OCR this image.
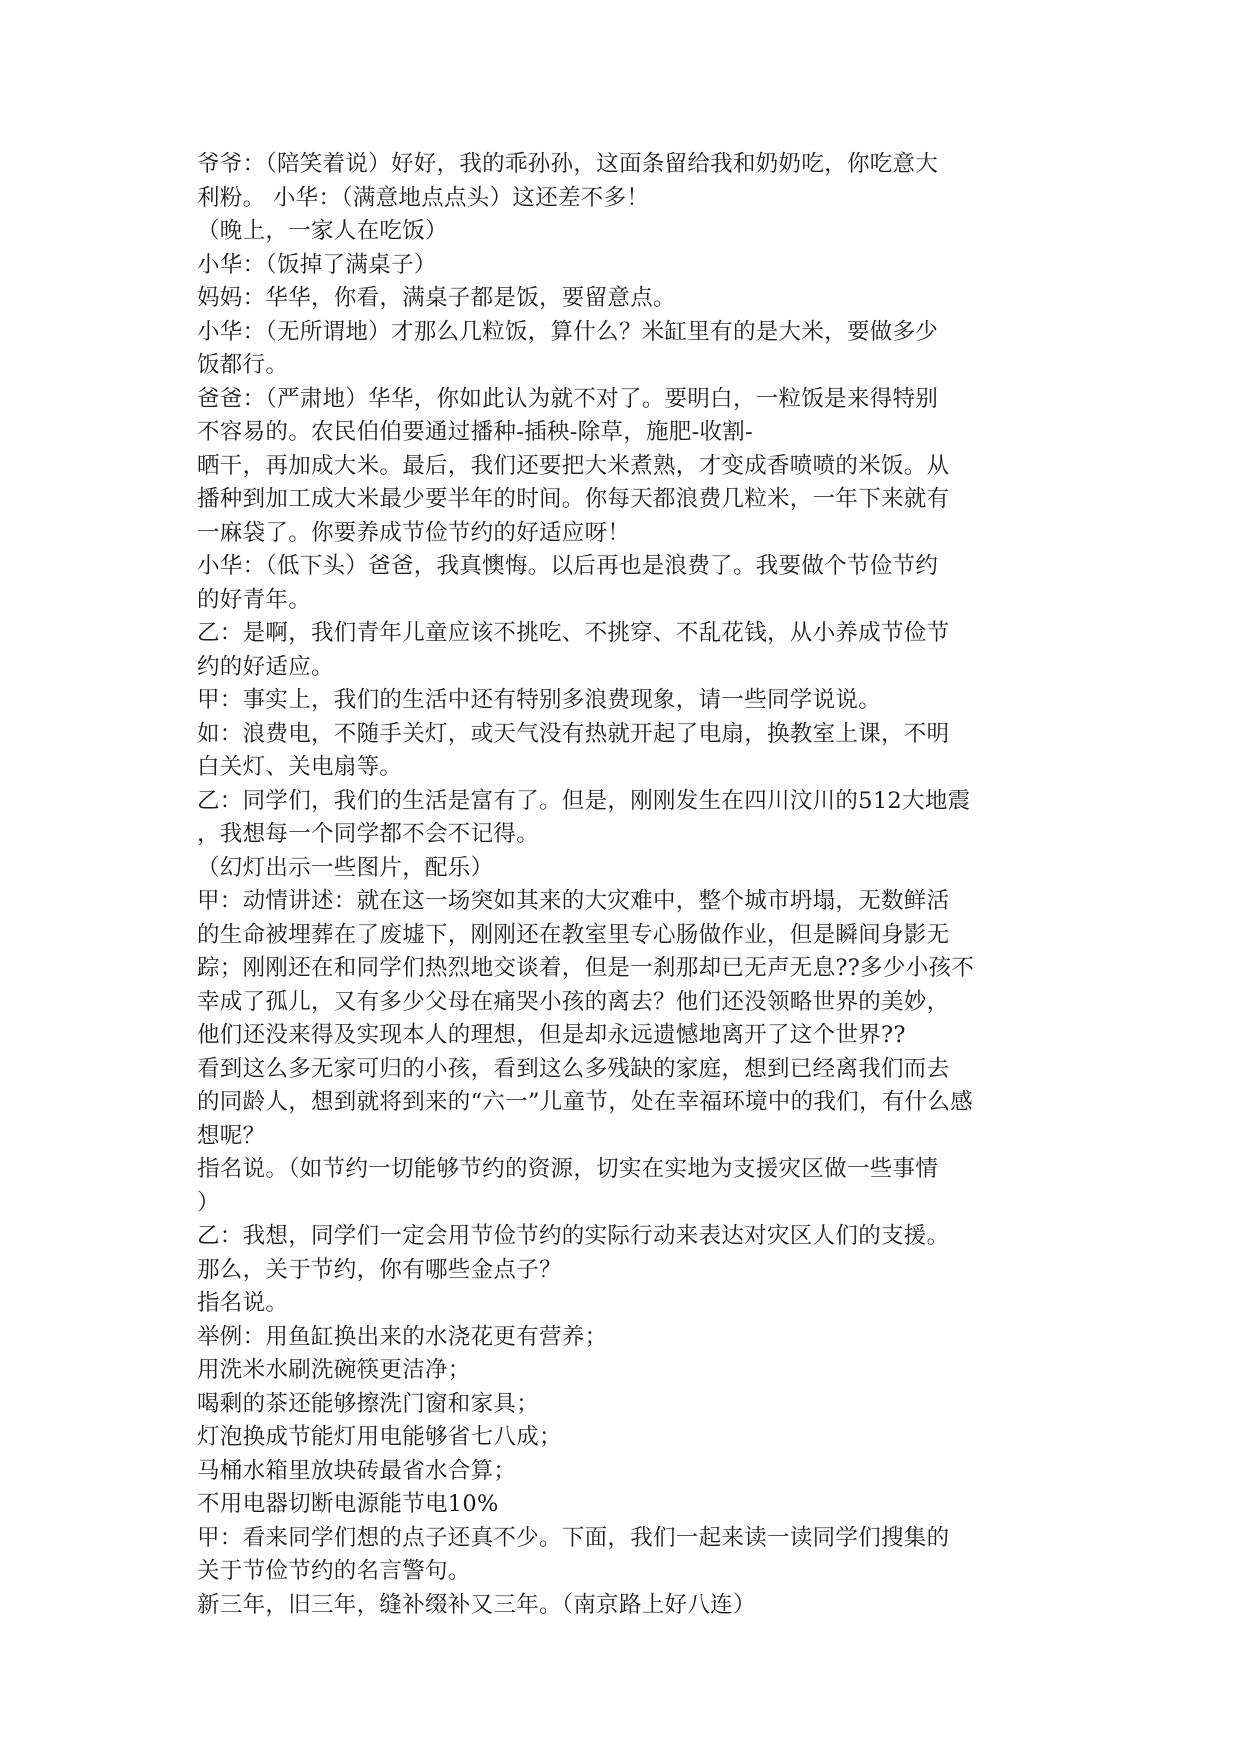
爷爷：（陪笑着说）好好，我的乖孙孙，这面条留给我和奶奶吃，你吃意大
利粉。 小华：（满意地点点头）这还差不多！
（晚上，一家人在吃饭）
小华：（饭掉了满桌子）
妈妈：华华，你看，满桌子都是饭，要留意点。
小华：（无所谓地）才那么几粒饭，算什么？米缸里有的是大米，要做多少
饭都行。
爸爸：（严肃地）华华，你如此认为就不对了。要明白，一粒饭是来得特别
不容易的。农民伯伯要通过播种-插秧-除草，施肥-收割-
晒干，再加成大米。最后，我们还要把大米煮熟，才变成香喷喷的米饭。从
播种到加工成大米最少要半年的时间。你每天都浪费几粒米，一年下来就有
一麻袋了。你要养成节俭节约的好适应呀！
小华：（低下头）爸爸，我真懊悔。以后再也是浪费了。我要做个节俭节约
的好青年。
乙：是啊，我们青年儿童应该不挑吃、不挑穿、不乱花钱，从小养成节俭节
约的好适应。
甲：事实上，我们的生活中还有特别多浪费现象，请一些同学说说。
如：浪费电，不随手关灯，或天气没有热就开起了电扇，换教室上课，不明
白关灯、关电扇等。
乙：同学们，我们的生活是富有了。但是，刚刚发生在四川汶川的512大地震
，我想每一个同学都不会不记得。
（幻灯出示一些图片，配乐）
甲：动情讲述：就在这一场突如其来的大灾难中，整个城市坍塌，无数鲜活
的生命被埋葬在了废墟下，刚刚还在教室里专心肠做作业，但是瞬间身影无
踪；刚刚还在和同学们热烈地交谈着，但是一刹那却已无声无息??多少小孩不
幸成了孤儿，又有多少父母在痛哭小孩的离去？他们还没领略世界的美妙，
他们还没来得及实现本人的理想，但是却永远遗憾地离开了这个世界??
看到这么多无家可归的小孩，看到这么多残缺的家庭，想到已经离我们而去
的同龄人，想到就将到来的“六一”儿童节，处在幸福环境中的我们，有什么感
想呢？
指名说。（如节约一切能够节约的资源，切实在实地为支援灾区做一些事情
）
乙：我想，同学们一定会用节俭节约的实际行动来表达对灾区人们的支援。
那么，关于节约，你有哪些金点子？
指名说。
举例：用鱼缸换出来的水浇花更有营养；
用洗米水刷洗碗筷更洁净；
喝剩的茶还能够擦洗门窗和家具；
灯泡换成节能灯用电能够省七八成；
马桶水箱里放块砖最省水合算；
不用电器切断电源能节电10%
甲：看来同学们想的点子还真不少。下面，我们一起来读一读同学们搜集的
关于节俭节约的名言警句。
新三年，旧三年，缝补缀补又三年。（南京路上好八连）
